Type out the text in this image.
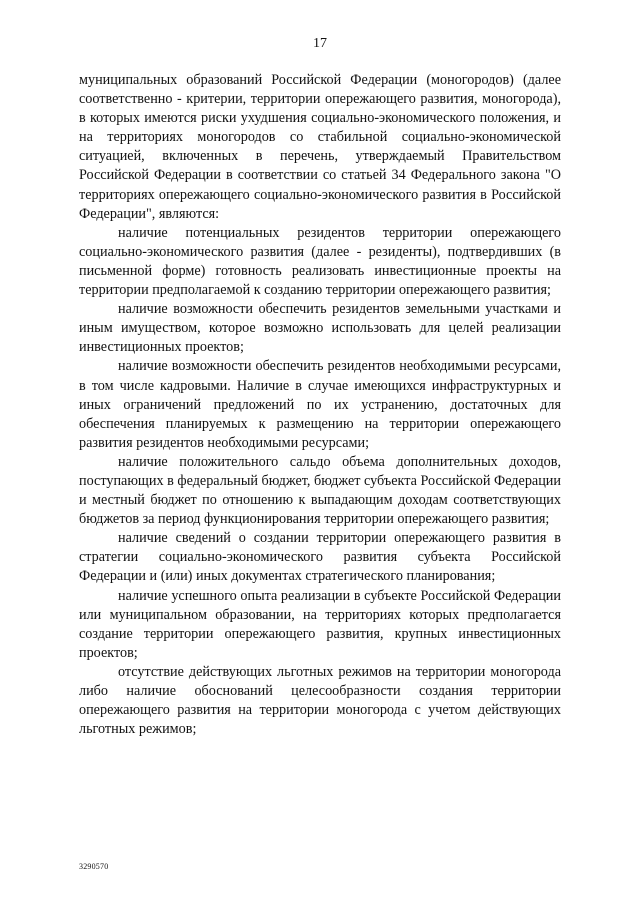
17

муниципальных образований Российской Федерации (моногородов) (далее соответственно - критерии, территории опережающего развития, моногорода), в которых имеются риски ухудшения социально-экономического положения, и на территориях моногородов со стабильной социально-экономической ситуацией, включенных в перечень, утверждаемый Правительством Российской Федерации в соответствии со статьей 34 Федерального закона "О территориях опережающего социально-экономического развития в Российской Федерации", являются:

наличие потенциальных резидентов территории опережающего социально-экономического развития (далее - резиденты), подтвердивших (в письменной форме) готовность реализовать инвестиционные проекты на территории предполагаемой к созданию территории опережающего развития;

наличие возможности обеспечить резидентов земельными участками и иным имуществом, которое возможно использовать для целей реализации инвестиционных проектов;

наличие возможности обеспечить резидентов необходимыми ресурсами, в том числе кадровыми. Наличие в случае имеющихся инфраструктурных и иных ограничений предложений по их устранению, достаточных для обеспечения планируемых к размещению на территории опережающего развития резидентов необходимыми ресурсами;

наличие положительного сальдо объема дополнительных доходов, поступающих в федеральный бюджет, бюджет субъекта Российской Федерации и местный бюджет по отношению к выпадающим доходам соответствующих бюджетов за период функционирования территории опережающего развития;

наличие сведений о создании территории опережающего развития в стратегии социально-экономического развития субъекта Российской Федерации и (или) иных документах стратегического планирования;

наличие успешного опыта реализации в субъекте Российской Федерации или муниципальном образовании, на территориях которых предполагается создание территории опережающего развития, крупных инвестиционных проектов;

отсутствие действующих льготных режимов на территории моногорода либо наличие обоснований целесообразности создания территории опережающего развития на территории моногорода с учетом действующих льготных режимов;

3290570
